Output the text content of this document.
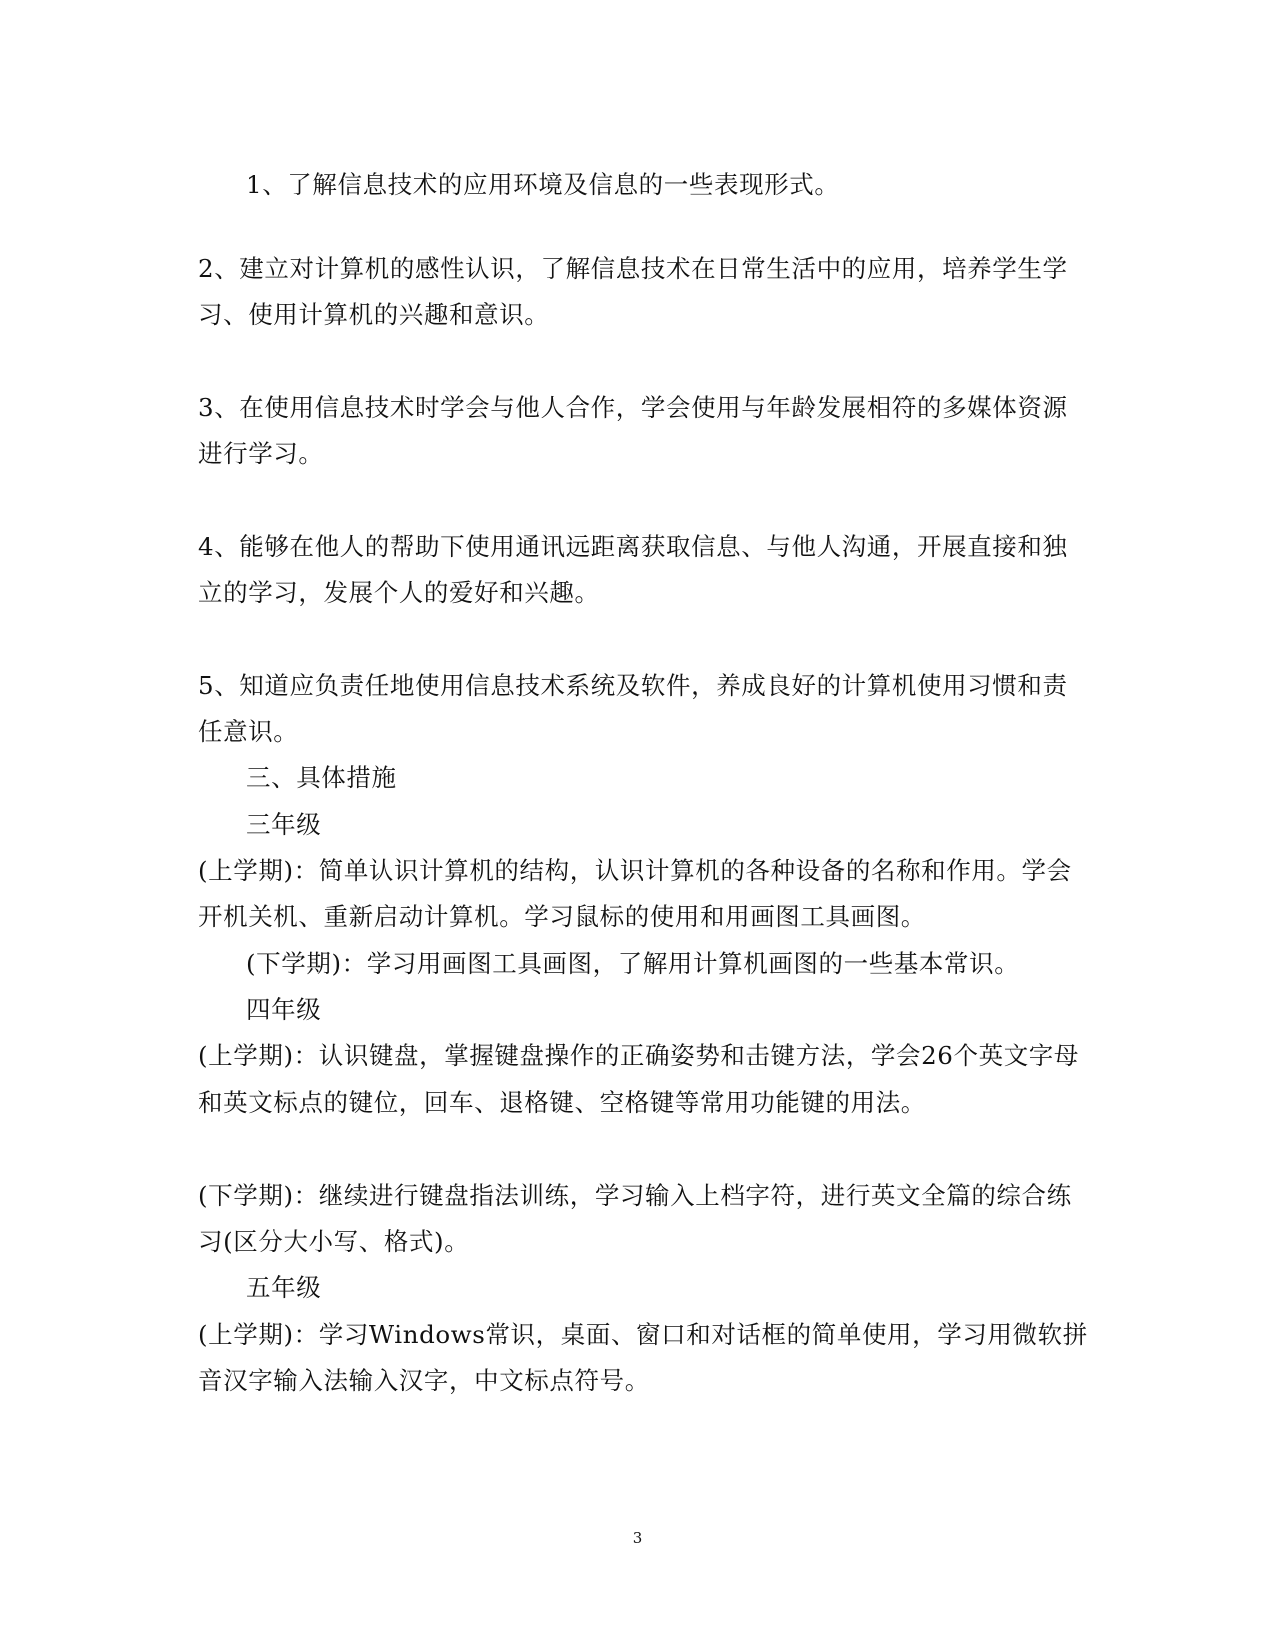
1、了解信息技术的应用环境及信息的一些表现形式。
2、建立对计算机的感性认识，了解信息技术在日常生活中的应用，培养学生学
习、使用计算机的兴趣和意识。
3、在使用信息技术时学会与他人合作，学会使用与年龄发展相符的多媒体资源
进行学习。
4、能够在他人的帮助下使用通讯远距离获取信息、与他人沟通，开展直接和独
立的学习，发展个人的爱好和兴趣。
5、知道应负责任地使用信息技术系统及软件，养成良好的计算机使用习惯和责
任意识。
三、具体措施
三年级
(上学期)：简单认识计算机的结构，认识计算机的各种设备的名称和作用。学会
开机关机、重新启动计算机。学习鼠标的使用和用画图工具画图。
(下学期)：学习用画图工具画图，了解用计算机画图的一些基本常识。
四年级
(上学期)：认识键盘，掌握键盘操作的正确姿势和击键方法，学会26个英文字母
和英文标点的键位，回车、退格键、空格键等常用功能键的用法。
(下学期)：继续进行键盘指法训练，学习输入上档字符，进行英文全篇的综合练
习(区分大小写、格式)。
五年级
(上学期)：学习Windows常识，桌面、窗口和对话框的简单使用，学习用微软拼
音汉字输入法输入汉字，中文标点符号。
3
